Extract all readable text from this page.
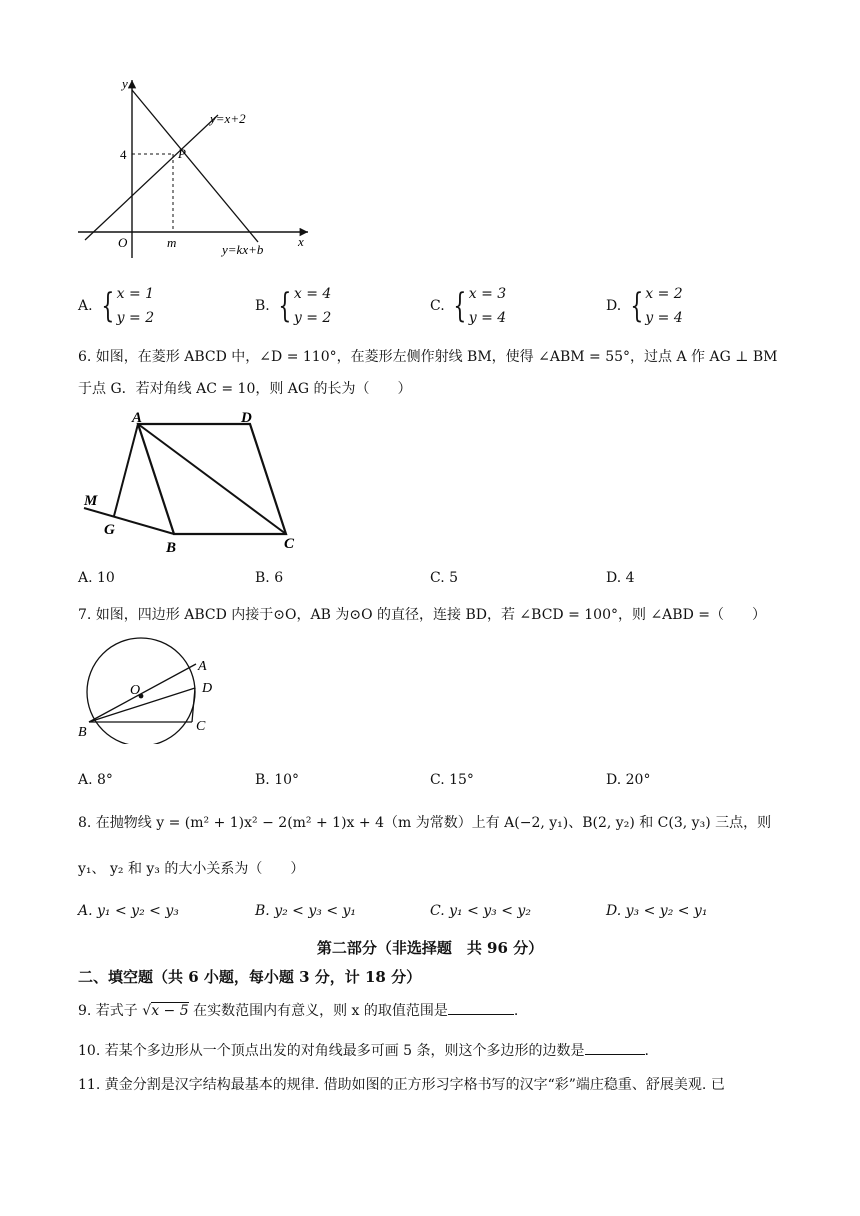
y
x
O
4
m
P
y=x+2
y=kx+b
A. { x = 1
y = 2
B. { x = 4
y = 2
C. { x = 3
y = 4
D. { x = 2
y = 4
6. 如图，在菱形 ABCD 中，∠D = 110°，在菱形左侧作射线 BM，使得 ∠ABM = 55°，过点 A 作 AG ⊥ BM
于点 G．若对角线 AC = 10，则 AG 的长为（　　）
A	D
M
G
B	C
A. 10	B. 6	C. 5	D. 4
7. 如图，四边形 ABCD 内接于⊙O，AB 为⊙O 的直径，连接 BD，若 ∠BCD = 100°，则 ∠ABD =（　　）
O
A
D
B	C
A. 8°	B. 10°	C. 15°	D. 20°
8. 在抛物线 y = (m² + 1)x² − 2(m² + 1)x + 4（m 为常数）上有 A(−2, y₁)、B(2, y₂) 和 C(3, y₃) 三点，则
y₁、 y₂ 和 y₃ 的大小关系为（　　）
A. y₁ < y₂ < y₃	B. y₂ < y₃ < y₁	C. y₁ < y₃ < y₂	D. y₃ < y₂ < y₁
第二部分（非选择题　共 96 分）
二、填空题（共 6 小题，每小题 3 分，计 18 分）
9. 若式子 √x − 5 在实数范围内有意义，则 x 的取值范围是	.
10. 若某个多边形从一个顶点出发的对角线最多可画 5 条，则这个多边形的边数是	.
11. 黄金分割是汉字结构最基本的规律. 借助如图的正方形习字格书写的汉字“彩”端庄稳重、舒展美观. 已
